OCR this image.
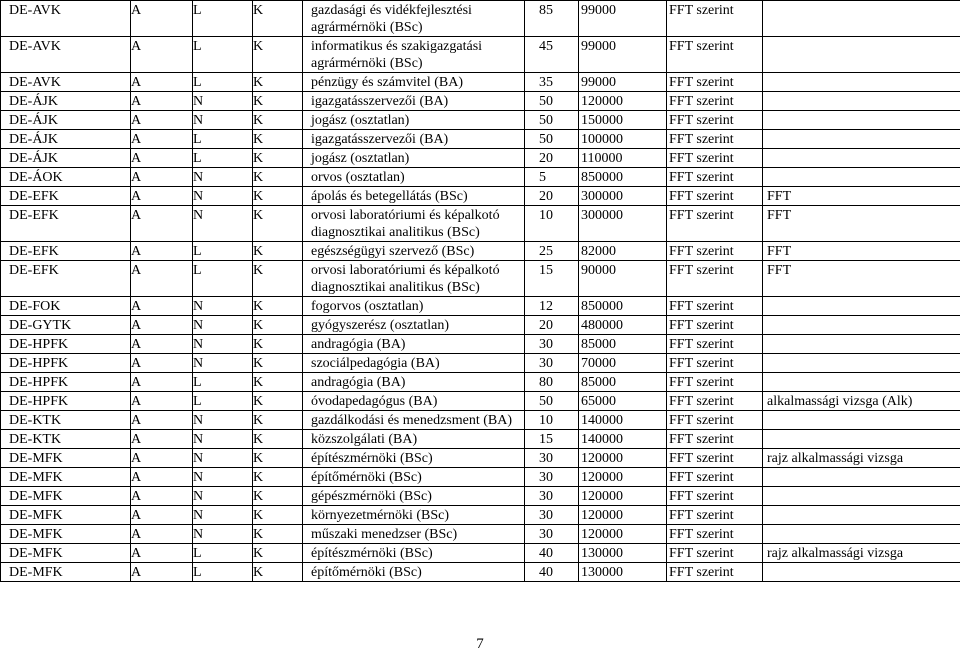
DE-AVK	A	L	K	gazdasági és vidékfejlesztési agrármérnöki (BSc)	85	99000	FFT szerint	
DE-AVK	A	L	K	informatikus és szakigazgatási agrármérnöki (BSc)	45	99000	FFT szerint	
DE-AVK	A	L	K	pénzügy és számvitel (BA)	35	99000	FFT szerint	
DE-ÁJK	A	N	K	igazgatásszervezői (BA)	50	120000	FFT szerint	
DE-ÁJK	A	N	K	jogász (osztatlan)	50	150000	FFT szerint	
DE-ÁJK	A	L	K	igazgatásszervezői (BA)	50	100000	FFT szerint	
DE-ÁJK	A	L	K	jogász (osztatlan)	20	110000	FFT szerint	
DE-ÁOK	A	N	K	orvos (osztatlan)	5	850000	FFT szerint	
DE-EFK	A	N	K	ápolás és betegellátás (BSc)	20	300000	FFT szerint	FFT
DE-EFK	A	N	K	orvosi laboratóriumi és képalkotó diagnosztikai analitikus (BSc)	10	300000	FFT szerint	FFT
DE-EFK	A	L	K	egészségügyi szervező (BSc)	25	82000	FFT szerint	FFT
DE-EFK	A	L	K	orvosi laboratóriumi és képalkotó diagnosztikai analitikus (BSc)	15	90000	FFT szerint	FFT
DE-FOK	A	N	K	fogorvos (osztatlan)	12	850000	FFT szerint	
DE-GYTK	A	N	K	gyógyszerész (osztatlan)	20	480000	FFT szerint	
DE-HPFK	A	N	K	andragógia (BA)	30	85000	FFT szerint	
DE-HPFK	A	N	K	szociálpedagógia (BA)	30	70000	FFT szerint	
DE-HPFK	A	L	K	andragógia (BA)	80	85000	FFT szerint	
DE-HPFK	A	L	K	óvodapedagógus (BA)	50	65000	FFT szerint	alkalmassági vizsga (Alk)
DE-KTK	A	N	K	gazdálkodási és menedzsment (BA)	10	140000	FFT szerint	
DE-KTK	A	N	K	közszolgálati (BA)	15	140000	FFT szerint	
DE-MFK	A	N	K	építészmérnöki (BSc)	30	120000	FFT szerint	rajz alkalmassági vizsga
DE-MFK	A	N	K	építőmérnöki (BSc)	30	120000	FFT szerint	
DE-MFK	A	N	K	gépészmérnöki (BSc)	30	120000	FFT szerint	
DE-MFK	A	N	K	környezetmérnöki (BSc)	30	120000	FFT szerint	
DE-MFK	A	N	K	műszaki menedzser (BSc)	30	120000	FFT szerint	
DE-MFK	A	L	K	építészmérnöki (BSc)	40	130000	FFT szerint	rajz alkalmassági vizsga
DE-MFK	A	L	K	építőmérnöki (BSc)	40	130000	FFT szerint	
7
